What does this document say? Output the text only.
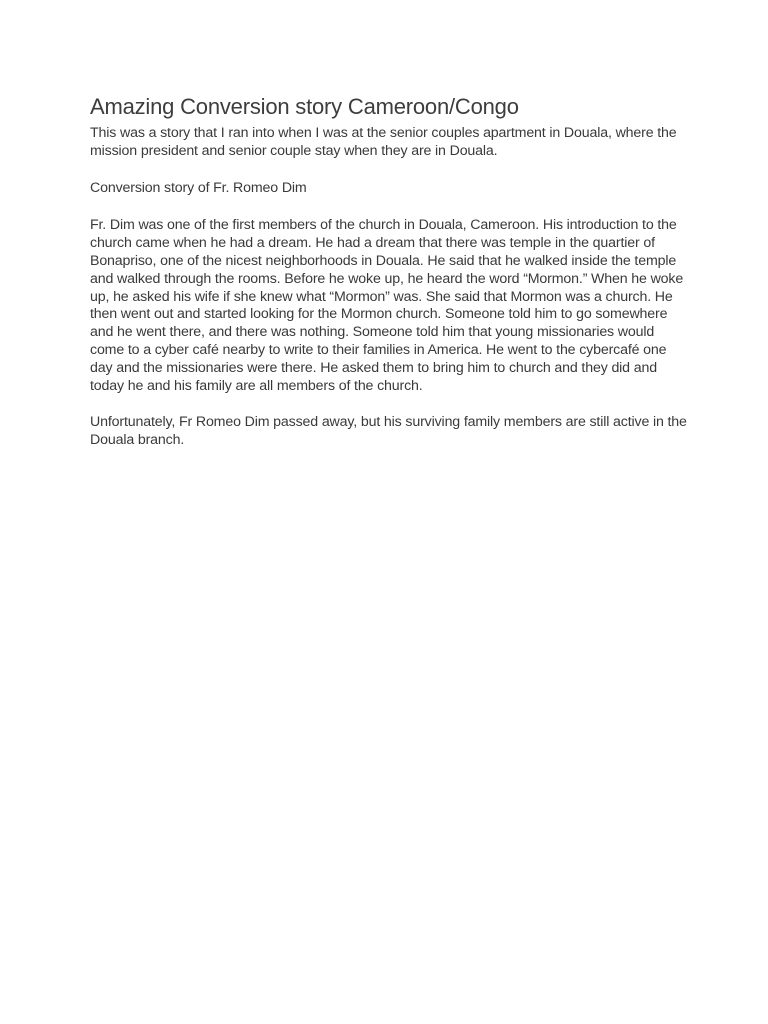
Amazing Conversion story Cameroon/Congo

This was a story that I ran into when I was at the senior couples apartment in Douala, where the mission president and senior couple stay when they are in Douala.

Conversion story of Fr. Romeo Dim

Fr. Dim was one of the first members of the church in Douala, Cameroon. His introduction to the church came when he had a dream. He had a dream that there was temple in the quartier of Bonapriso, one of the nicest neighborhoods in Douala. He said that he walked inside the temple and walked through the rooms. Before he woke up, he heard the word “Mormon.” When he woke up, he asked his wife if she knew what “Mormon” was. She said that Mormon was a church. He then went out and started looking for the Mormon church. Someone told him to go somewhere and he went there, and there was nothing. Someone told him that young missionaries would come to a cyber café nearby to write to their families in America. He went to the cybercafé one day and the missionaries were there. He asked them to bring him to church and they did and today he and his family are all members of the church.

Unfortunately, Fr Romeo Dim passed away, but his surviving family members are still active in the Douala branch.
